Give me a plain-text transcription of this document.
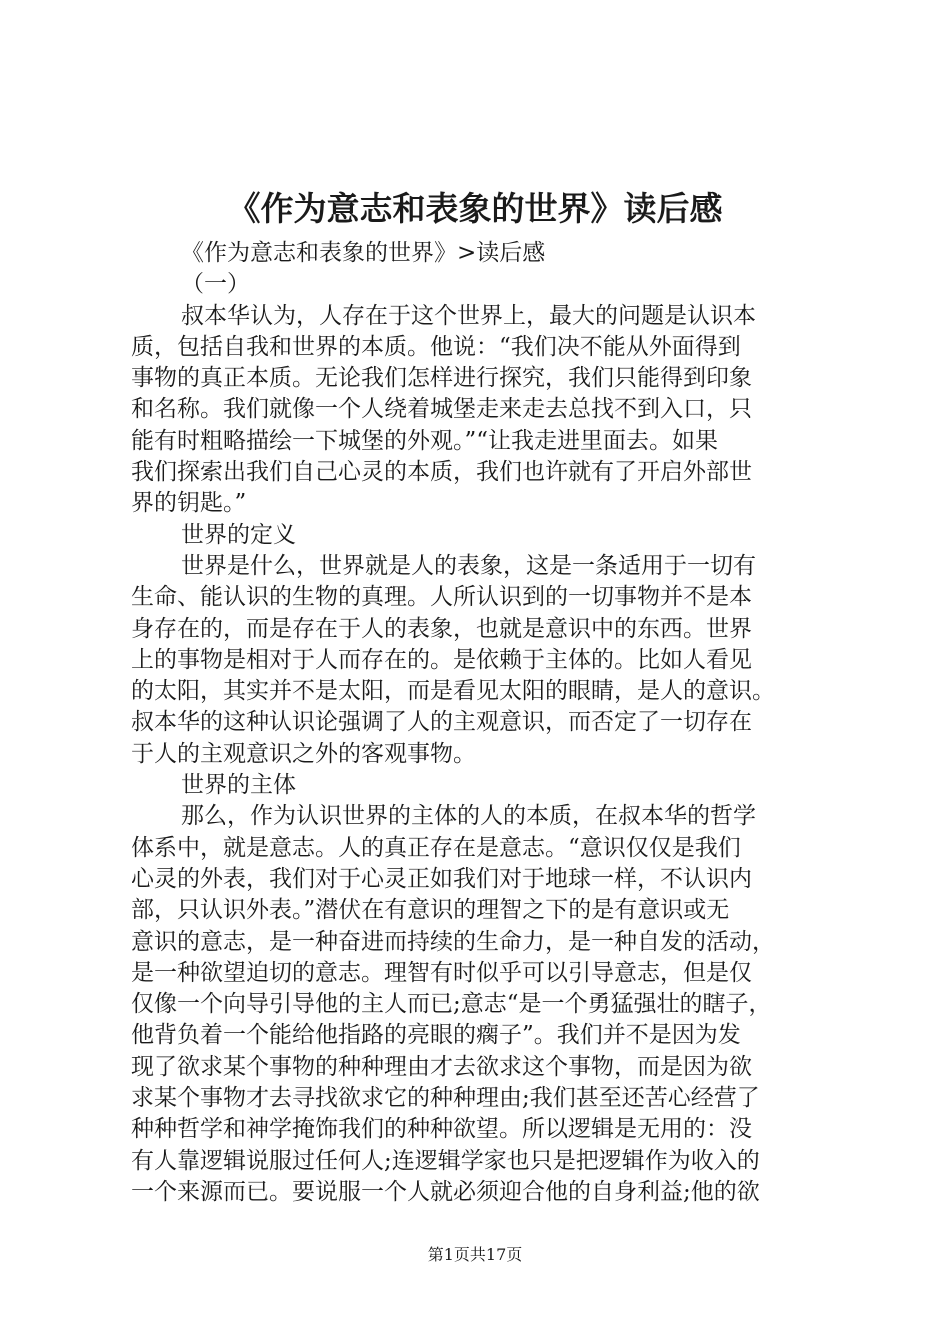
《作为意志和表象的世界》读后感
《作为意志和表象的世界》>读后感
（一）
叔本华认为，人存在于这个世界上，最大的问题是认识本
质，包括自我和世界的本质。他说：“我们决不能从外面得到
事物的真正本质。无论我们怎样进行探究，我们只能得到印象
和名称。我们就像一个人绕着城堡走来走去总找不到入口，只
能有时粗略描绘一下城堡的外观。”“让我走进里面去。如果
我们探索出我们自己心灵的本质，我们也许就有了开启外部世
界的钥匙。”
世界的定义
世界是什么，世界就是人的表象，这是一条适用于一切有
生命、能认识的生物的真理。人所认识到的一切事物并不是本
身存在的，而是存在于人的表象，也就是意识中的东西。世界
上的事物是相对于人而存在的。是依赖于主体的。比如人看见
的太阳，其实并不是太阳，而是看见太阳的眼睛，是人的意识。
叔本华的这种认识论强调了人的主观意识，而否定了一切存在
于人的主观意识之外的客观事物。
世界的主体
那么，作为认识世界的主体的人的本质，在叔本华的哲学
体系中，就是意志。人的真正存在是意志。“意识仅仅是我们
心灵的外表，我们对于心灵正如我们对于地球一样，不认识内
部，只认识外表。”潜伏在有意识的理智之下的是有意识或无
意识的意志，是一种奋进而持续的生命力，是一种自发的活动，
是一种欲望迫切的意志。理智有时似乎可以引导意志，但是仅
仅像一个向导引导他的主人而已;意志“是一个勇猛强壮的瞎子，
他背负着一个能给他指路的亮眼的瘸子”。我们并不是因为发
现了欲求某个事物的种种理由才去欲求这个事物，而是因为欲
求某个事物才去寻找欲求它的种种理由;我们甚至还苦心经营了
种种哲学和神学掩饰我们的种种欲望。所以逻辑是无用的：没
有人靠逻辑说服过任何人;连逻辑学家也只是把逻辑作为收入的
一个来源而已。要说服一个人就必须迎合他的自身利益;他的欲
第1页共17页
